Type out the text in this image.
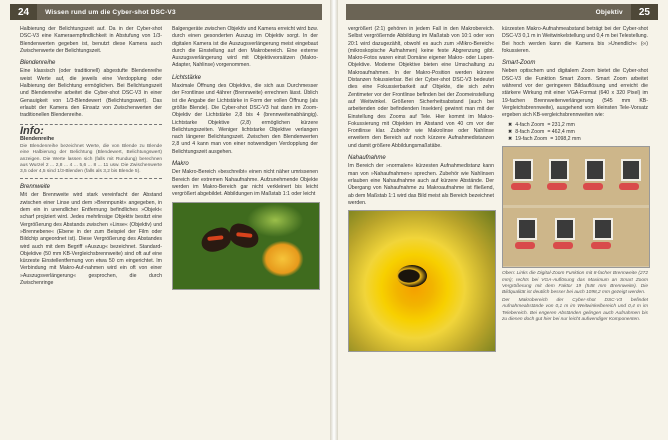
24	Wissen rund um die Cyber-shot DSC-V3	Objektiv	25

Halbierung der Belichtungszeit auf. Da in der Cyber-shot DSC-V3 eine Kameraempfindlichkeit in Abstufung von 1/3-Blendenwerten gegeben ist, benutzt diese Kamera auch Zwischenwerte der Belichtungszeit.

Blendenreihe

Eine klassisch (oder traditionell) abgestufte Blendenreihe weist Werte auf, die jeweils eine Verdopplung oder Halbierung der Belichtung ermöglichen. Bei Belichtungszeit und Blendenreihe arbeitet die Cyber-shot DSC-V3 in einer Genauigkeit von 1/3-Blendewert (Belichtungswert). Das erlaubt der Kamera den Einsatz von Zwischenwerten der traditionellen Blendenreihe.

Info:
Blendenreihe
Die Blendenreihe bezeichnet Werte, die von Blende zu Blende eine Halbierung der Belichtung (Blendewert, Belichtungswert) anzeigen. Die Werte lassen sich (falls mit Rundung) berechnen aus Wurzel 2 ... 2,8 ... 4 ... 5,6 ... 8 ... 11 usw. Die Zwischenwerte 3,5 oder 4,5 sind 1/3-Blenden (falls als 3,2 bis Blende 5).
Brennweite

Mit der Brennweite wird stark vereinfacht der Abstand zwischen einer Linse und dem »Brennpunkt« angegeben, in dem ein in unendlicher Entfernung befindliches »Objekt« scharf projiziert wird. Jedes mehrlinsige Objektiv besitzt eine Vergrößerung des Abstands zwischen »Linse« (Objektiv) und »Brennebene« (Ebene in der zum Beispiel der Film oder Bildchip angeordnet ist). Diese Vergrößerung des Abstandes wird auch mit dem Begriff »Auszug« bezeichnet. Standard-Objektive (50 mm KB-Vergleichsbrennweite) sind oft auf eine kürzeste Einstellentfernung von etwa 50 cm eingerichtet. Im Verbindung mit Makro-Auf-nahmen wird ein oft von einer »Auszugsverlängerung« gesprochen, die durch Zwischenringe

Balgengeräte zwischen Objektiv und Kamera erreicht wird bzw. durch einen gesonderten Auszug im Objektiv sorgt. In der digitalen Kamera ist die Auszugsverlängerung meist eingebaut durch die Einstellung auf den Makrobereich. Eine externe Auszugsverlängerung wird mit Objektivvorsätzen (Makro-Adapter, Nahlinse) vorgenommen.

Lichtstärke

Maximale Öffnung des Objektivs, die sich aus Durchmesser der Frontlinse und 4ährer (Brennweite) errechnen lässt. Üblich ist die Angabe der Lichtstärke in Form der vollen Öffnung (als größte Blende). Die Cyber-shot DSC-V3 hat dann im Zoom-Objektiv der Lichtstärke 2,8 bis 4 (brennweitenabhängig). Lichtstarke Objektive (2,8) ermöglichen kürzere Belichtungszeiten. Weniger lichtstarke Objektive verlangen nach längerer Belichtungszeit. Zwischen den Blendenwerten 2,8 und 4 kann man von einer notwendigen Verdopplung der Belichtungszeit ausgehen.

Makro

Der Makro-Bereich »beschreibt« einen nicht näher umrissenen Bereich der extremen Nahaufnahme. Aufzunehmende Objekte werden im Makro-Bereich gar nicht verkleinert bis leicht vergrößert abgebildet. Abbildungen im Maßstab 1:1 oder leicht

vergrößert (2:1) gehören in jedem Fall in den Makrobereich. Selbst vergrößernde Abbildung im Maßstab von 10:1 oder von 20:1 wird dazugezählt, obwohl es auch zum »Mikro-Bereich« (mikroskopische Aufnahmen) keine feste Abgrenzung gibt. Makro-Fotos waren einst Domäne eigener Makro- oder Lupen-Objektive. Moderne Objektive bieten eine Umschaltung zu Makroaufnahmen. In der Makro-Position werden kürzere Distanzen fokussierbar. Bei der Cyber-shot DSC-V3 bedeutet dies eine Fokussierbarkeit auf Objekte, die sich zehn Zentimeter vor der Frontlinse befinden bei der Zoomeinstellung auf Weitwinkel. Größeren Sicherheitsabstand (auch bei arbeitenden oder befindenden Insekten) gewinnt man mit der Einstellung des Zooms auf Tele. Hier kommt im Makro-Fokussierung mit Objekten im Abstand von 40 cm vor der Frontlinse klar. Zubehör wie Makrolinse oder Nahlinse erweitern den Bereich auf noch kürzere Aufnahmedistanzen und damit größere Abbildungsmaßstäbe.

Nahaufnahme

Im Bereich der »normalen« kürzesten Aufnahmedistanz kann man von »Nahaufnahmen« sprechen. Zubehör wie Nahlinsen erlauben eine Nahaufnahme auch auf kürzere Abstände. Der Übergang von Nahaufnahme zu Makroaufnahme ist fließend, ab dem Maßstab 1:1 wird das Bild meist als Bereich bezeichnet werden.

kürzesten Makro-Aufnahmeabstand beträgt bei der Cyber-shot DSC-V3 0,1 m in Weitwinkelstellung und 0,4 m bei Telestellung. Bei hoch werden kann die Kamera bis »Unendlich« (∞) fokussieren.

Smart-Zoom

Neben optischem und digitalem Zoom bietet die Cyber-shot DSC-V3 die Funktion Smart Zoom. Smart Zoom arbeitet während vor der geringeren Bildauflösung und erreicht die stärkere Wirkung mit einer VGA-Format (640 x 320 Pixel) im 19-fachen Brennweitenverlängerung (545 mm KB-Vergleichsbrennweite), ausgehend vom kleinsten Tele-Vorsatz ergeben sich KB-vergleichsbrennweiten wie:

✖ 4-fach Zoom = 231,2 mm
✖ 8-fach Zoom = 462,4 mm
✖ 19-fach Zoom = 1098,2 mm

Oben: Links die Digital-Zoom Funktion mit 8-facher Brennweite (272 mm); rechts bei VGA-Auflösung das Maximum an Smart Zoom Vergrößerung mit dem Faktor 19 (548 mm Brennweite). Die Bildqualität ist deutlich besser bei auch 1098,2 mm gezeigt werden.

Der Makrobereich der Cyber-shot DSC-V3 befindet Aufnahmeabstände von 0,1 m im Weitwinkelbereich und 0,4 m im Telebereich. Bei engeren Abständen gelingen auch Aufnahmen bis zu diesen doch gut hier bei nur leicht aufwendiger Komponenten.
